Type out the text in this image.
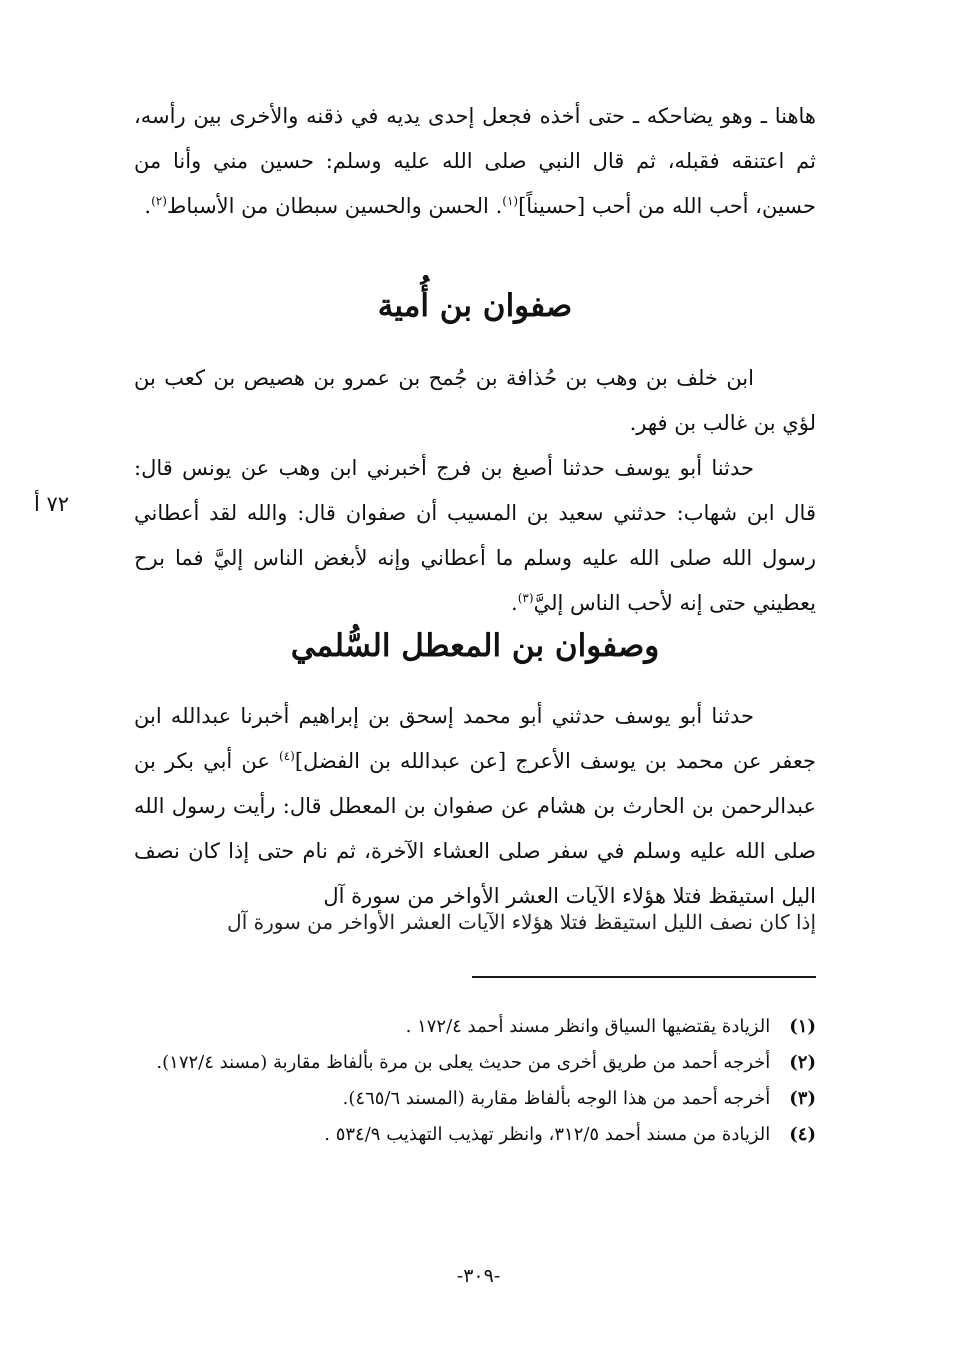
هاهنا ـ وهو يضاحكه ـ حتى أخذه فجعل إحدى يديه في ذقنه والأخرى بين رأسه، ثم اعتنقه فقبله، ثم قال النبي صلى الله عليه وسلم: حسين مني وأنا من حسين، أحب الله من أحب [حسيناً]$^{(١)}$. الحسن والحسين سبطان من الأسباط$^{(٢)}$.

صفوان بن أُمية

ابن خلف بن وهب بن حُذافة بن جُمح بن عمرو بن هصيص بن كعب بن لؤي بن غالب بن فهر.

حدثنا أبو يوسف حدثنا أصبغ بن فرج أخبرني ابن وهب عن يونس قال: قال ابن شهاب: حدثني سعيد بن المسيب أن صفوان قال: والله لقد أعطاني رسول الله صلى الله عليه وسلم ما أعطاني وإنه لأبغض الناس إليَّ فما برح يعطيني حتى إنه لأحب الناس إليَّ$^{(٣)}$.

٧٢ أ
وصفوان بن المعطل السُّلمي

حدثنا أبو يوسف حدثني أبو محمد إسحق بن إبراهيم أخبرنا عبدالله ابن جعفر عن محمد بن يوسف الأعرج [عن عبدالله بن الفضل]$^{(٤)}$ عن أبي بكر بن عبدالرحمن بن الحارث بن هشام عن صفوان بن المعطل قال: رأيت رسول الله صلى الله عليه وسلم في سفر صلى العشاء الآخرة، ثم نام حتى إذا كان نصف اليل استيقظ فتلا هؤلاء الآيات العشر الأواخر من سورة آل

إذا كان نصف الليل استيقظ فتلا هؤلاء الآيات العشر الأواخر من سورة آل

(١) الزيادة يقتضيها السياق وانظر مسند أحمد ١٧٢/٤ .

(٢) أخرجه أحمد من طريق أخرى من حديث يعلى بن مرة بألفاظ مقاربة (مسند ١٧٢/٤).

(٣) أخرجه أحمد من هذا الوجه بألفاظ مقاربة (المسند ٤٦٥/٦).

(٤) الزيادة من مسند أحمد ٣١٢/٥، وانظر تهذيب التهذيب ٥٣٤/٩ .

-٣٠٩-
